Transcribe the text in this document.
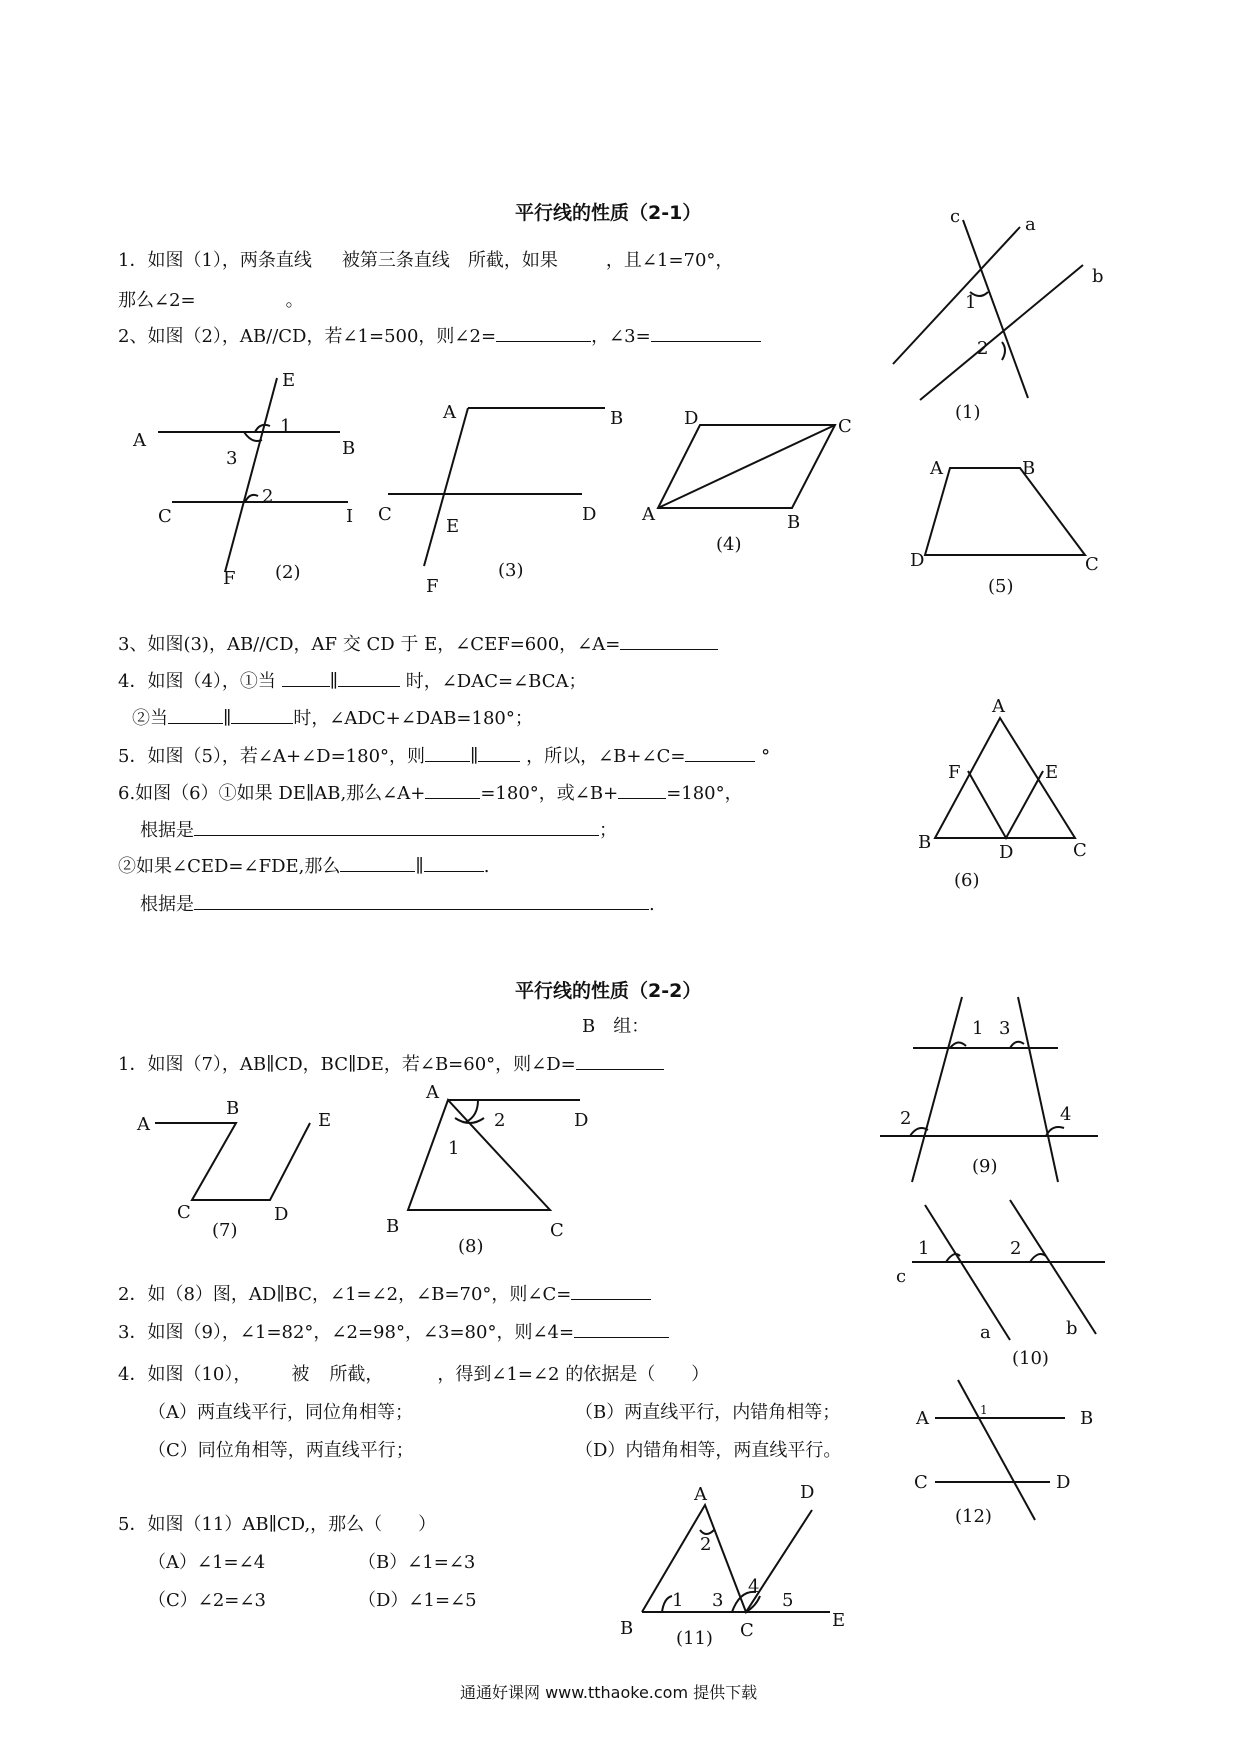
平行线的性质（2-1）
1．如图（1），两条直线 被第三条直线 所截，如果	，且∠1=70°，
那么∠2=	。
2、如图（2），AB//CD，若∠1=500，则∠2=	，∠3=
3、如图(3)，AB//CD，AF 交 CD 于 E，∠CEF=600，∠A=
4．如图（4），①当	∥	时，∠DAC=∠BCA；
②当	∥	时，∠ADC+∠DAB=180°；
5．如图（5），若∠A+∠D=180°，则	∥	，所以，∠B+∠C=	°
6.如图（6）①如果 DE∥AB,那么∠A+	=180°，或∠B+	=180°，
根据是	；
②如果∠CED=∠FDE,那么	∥	.
根据是	.
平行线的性质（2-2）
B　组：
1．如图（7），AB∥CD，BC∥DE，若∠B=60°，则∠D=
2．如（8）图，AD∥BC，∠1=∠2，∠B=70°，则∠C=
3．如图（9），∠1=82°，∠2=98°，∠3=80°，则∠4=
4．如图（10）， 被 所截，	，得到∠1=∠2 的依据是（　　）
（A）两直线平行，同位角相等；	（B）两直线平行，内错角相等；
（C）同位角相等，两直线平行；	（D）内错角相等，两直线平行。
5．如图（11）AB∥CD,，那么（　　）
（A）∠1=∠4	（B）∠1=∠3
（C）∠2=∠3	（D）∠1=∠5
通通好课网 www.tthaoke.com 提供下载
c	a
b
1
2
(1)
E
A
1
B
3
2
C	I
F (2)
A	B
C
E
D
F
(3)
D	C
A	B
(4)
A	B
D	C
(5)
A
F	E
B	D	C
(6)
A
B
E
C	D
(7)
A
2	D
1
B	C
(8)
1 3
2	4
(9)
1	2
c
a	b
(10)
A	D
2
4
1 3	5
B	C	E
(11)
1
A	B
C	D
(12)
